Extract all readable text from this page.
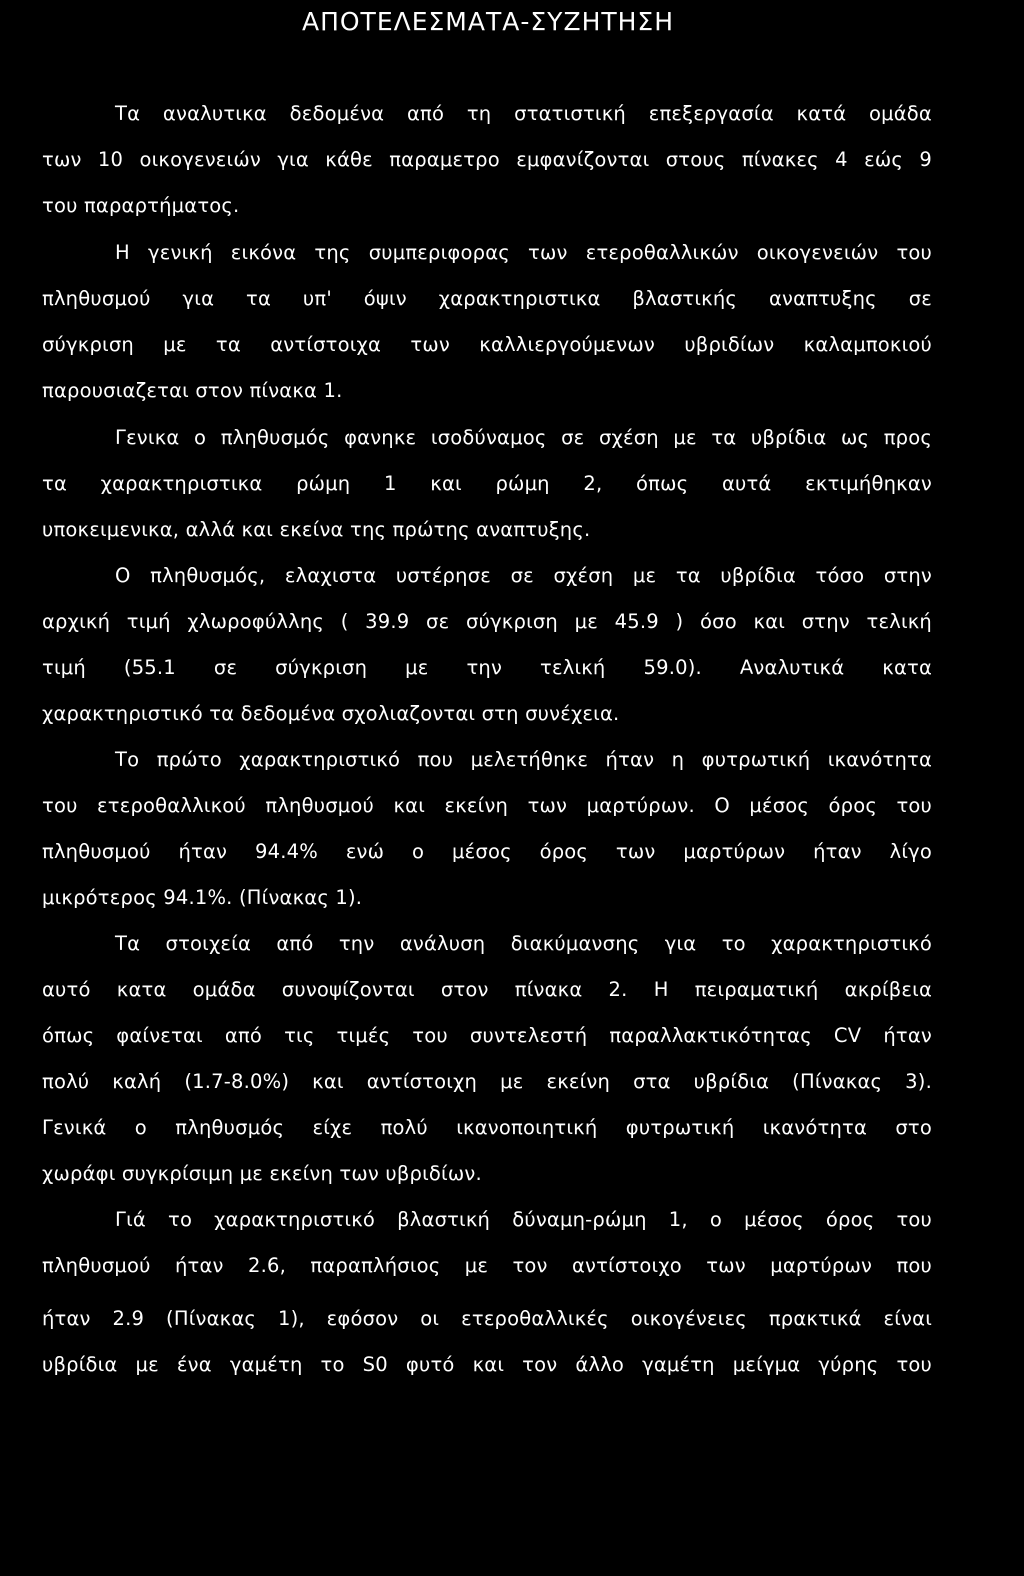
ΑΠΟΤΕΛΕΣΜΑΤΑ-ΣΥΖΗΤΗΣΗ
Τα αναλυτικα δεδομένα από τη στατιστική επεξεργασία κατά ομάδα
των 10 οικογενειών για κάθε παραμετρο εμφανίζονται στους πίνακες 4 εώς 9
του παραρτήματος.
Η γενική εικόνα της συμπεριφορας των ετεροθαλλικών οικογενειών του
πληθυσμού για τα υπ' όψιν χαρακτηριστικα βλαστικής αναπτυξης σε
σύγκριση με τα αντίστοιχα των καλλιεργούμενων υβριδίων καλαμποκιού
παρουσιαζεται στον πίνακα 1.
Γενικα ο πληθυσμός φανηκε ισοδύναμος σε σχέση με τα υβρίδια ως προς
τα χαρακτηριστικα ρώμη 1 και ρώμη 2, όπως αυτά εκτιμήθηκαν
υποκειμενικα, αλλά και εκείνα της πρώτης αναπτυξης.
Ο πληθυσμός, ελαχιστα υστέρησε σε σχέση με τα υβρίδια τόσο στην
αρχική τιμή χλωροφύλλης ( 39.9 σε σύγκριση με 45.9 ) όσο και στην τελική
τιμή (55.1 σε σύγκριση με την τελική 59.0). Αναλυτικά κατα
χαρακτηριστικό τα δεδομένα σχολιαζονται στη συνέχεια.
Το πρώτο χαρακτηριστικό που μελετήθηκε ήταν η φυτρωτική ικανότητα
του ετεροθαλλικού πληθυσμού και εκείνη των μαρτύρων. Ο μέσος όρος του
πληθυσμού ήταν 94.4% ενώ ο μέσος όρος των μαρτύρων ήταν λίγο
μικρότερος 94.1%. (Πίνακας 1).
Τα στοιχεία από την ανάλυση διακύμανσης για το χαρακτηριστικό
αυτό κατα ομάδα συνοψίζονται στον πίνακα 2. Η πειραματική ακρίβεια
όπως φαίνεται από τις τιμές του συντελεστή παραλλακτικότητας CV ήταν
πολύ καλή (1.7-8.0%) και αντίστοιχη με εκείνη στα υβρίδια (Πίνακας 3).
Γενικά ο πληθυσμός είχε πολύ ικανοποιητική φυτρωτική ικανότητα στο
χωράφι συγκρίσιμη με εκείνη των υβριδίων.
Γιά το χαρακτηριστικό βλαστική δύναμη-ρώμη 1, ο μέσος όρος του
πληθυσμού ήταν 2.6, παραπλήσιος με τον αντίστοιχο των μαρτύρων που
ήταν 2.9 (Πίνακας 1), εφόσον οι ετεροθαλλικές οικογένειες πρακτικά είναι
υβρίδια με ένα γαμέτη το S0 φυτό και τον άλλο γαμέτη μείγμα γύρης του
